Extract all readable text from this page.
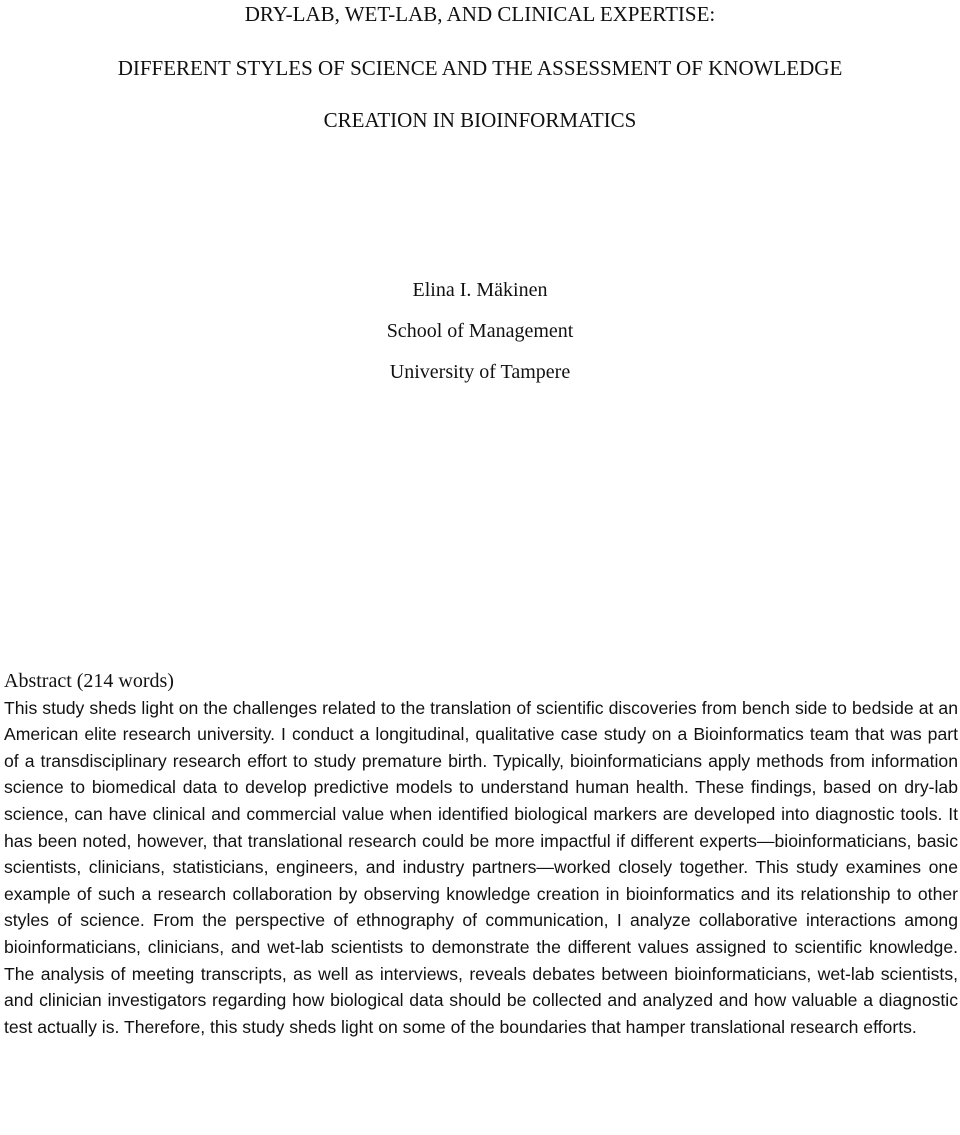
DRY-LAB, WET-LAB, AND CLINICAL EXPERTISE:
DIFFERENT STYLES OF SCIENCE AND THE ASSESSMENT OF KNOWLEDGE
CREATION IN BIOINFORMATICS
Elina I. Mäkinen
School of Management
University of Tampere
Abstract (214 words)

This study sheds light on the challenges related to the translation of scientific discoveries from bench side to bedside at an American elite research university. I conduct a longitudinal, qualitative case study on a Bioinformatics team that was part of a transdisciplinary research effort to study premature birth. Typically, bioinformaticians apply methods from information science to biomedical data to develop predictive models to understand human health. These findings, based on dry-lab science, can have clinical and commercial value when identified biological markers are developed into diagnostic tools. It has been noted, however, that translational research could be more impactful if different experts—bioinformaticians, basic scientists, clinicians, statisticians, engineers, and industry partners—worked closely together. This study examines one example of such a research collaboration by observing knowledge creation in bioinformatics and its relationship to other styles of science. From the perspective of ethnography of communication, I analyze collaborative interactions among bioinformaticians, clinicians, and wet-lab scientists to demonstrate the different values assigned to scientific knowledge. The analysis of meeting transcripts, as well as interviews, reveals debates between bioinformaticians, wet-lab scientists, and clinician investigators regarding how biological data should be collected and analyzed and how valuable a diagnostic test actually is. Therefore, this study sheds light on some of the boundaries that hamper translational research efforts.
